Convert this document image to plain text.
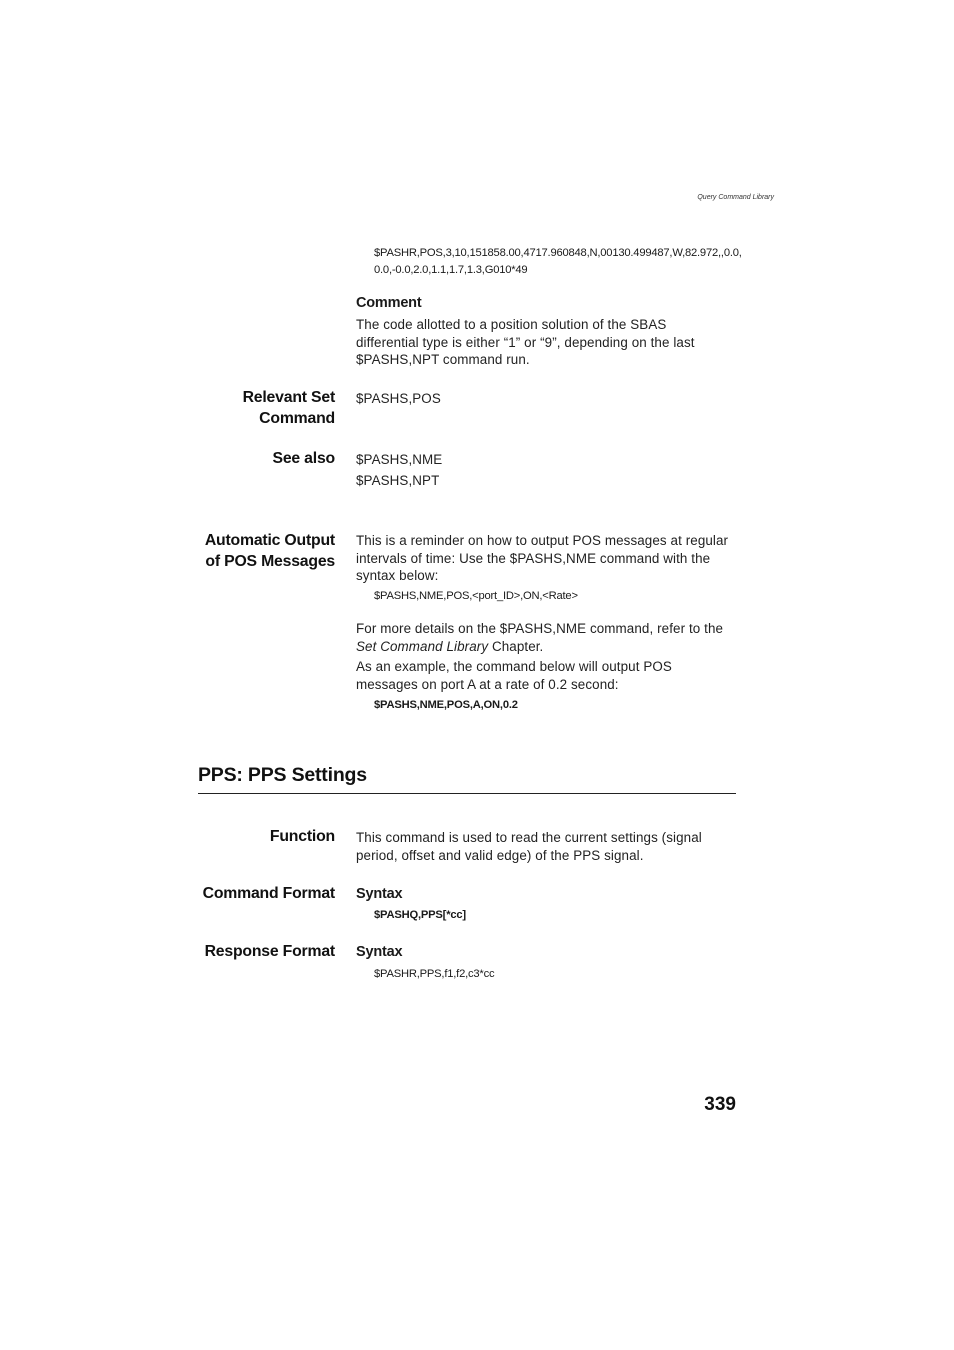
Query Command Library
$PASHR,POS,3,10,151858.00,4717.960848,N,00130.499487,W,82.972,,0.0,
0.0,-0.0,2.0,1.1,1.7,1.3,G010*49
Comment
The code allotted to a position solution of the SBAS
differential type is either “1” or “9”, depending on the last
$PASHS,NPT command run.
Relevant Set
Command
$PASHS,POS
See also $PASHS,NME
$PASHS,NPT
Automatic Output
of POS Messages
This is a reminder on how to output POS messages at regular
intervals of time: Use the $PASHS,NME command with the
syntax below:
$PASHS,NME,POS,<port_ID>,ON,<Rate>
For more details on the $PASHS,NME command, refer to the
Set Command Library Chapter.
As an example, the command below will output POS
messages on port A at a rate of 0.2 second:
$PASHS,NME,POS,A,ON,0.2
PPS: PPS Settings
Function This command is used to read the current settings (signal
period, offset and valid edge) of the PPS signal.
Command Format Syntax
$PASHQ,PPS[*cc]
Response Format Syntax
$PASHR,PPS,f1,f2,c3*cc
339
